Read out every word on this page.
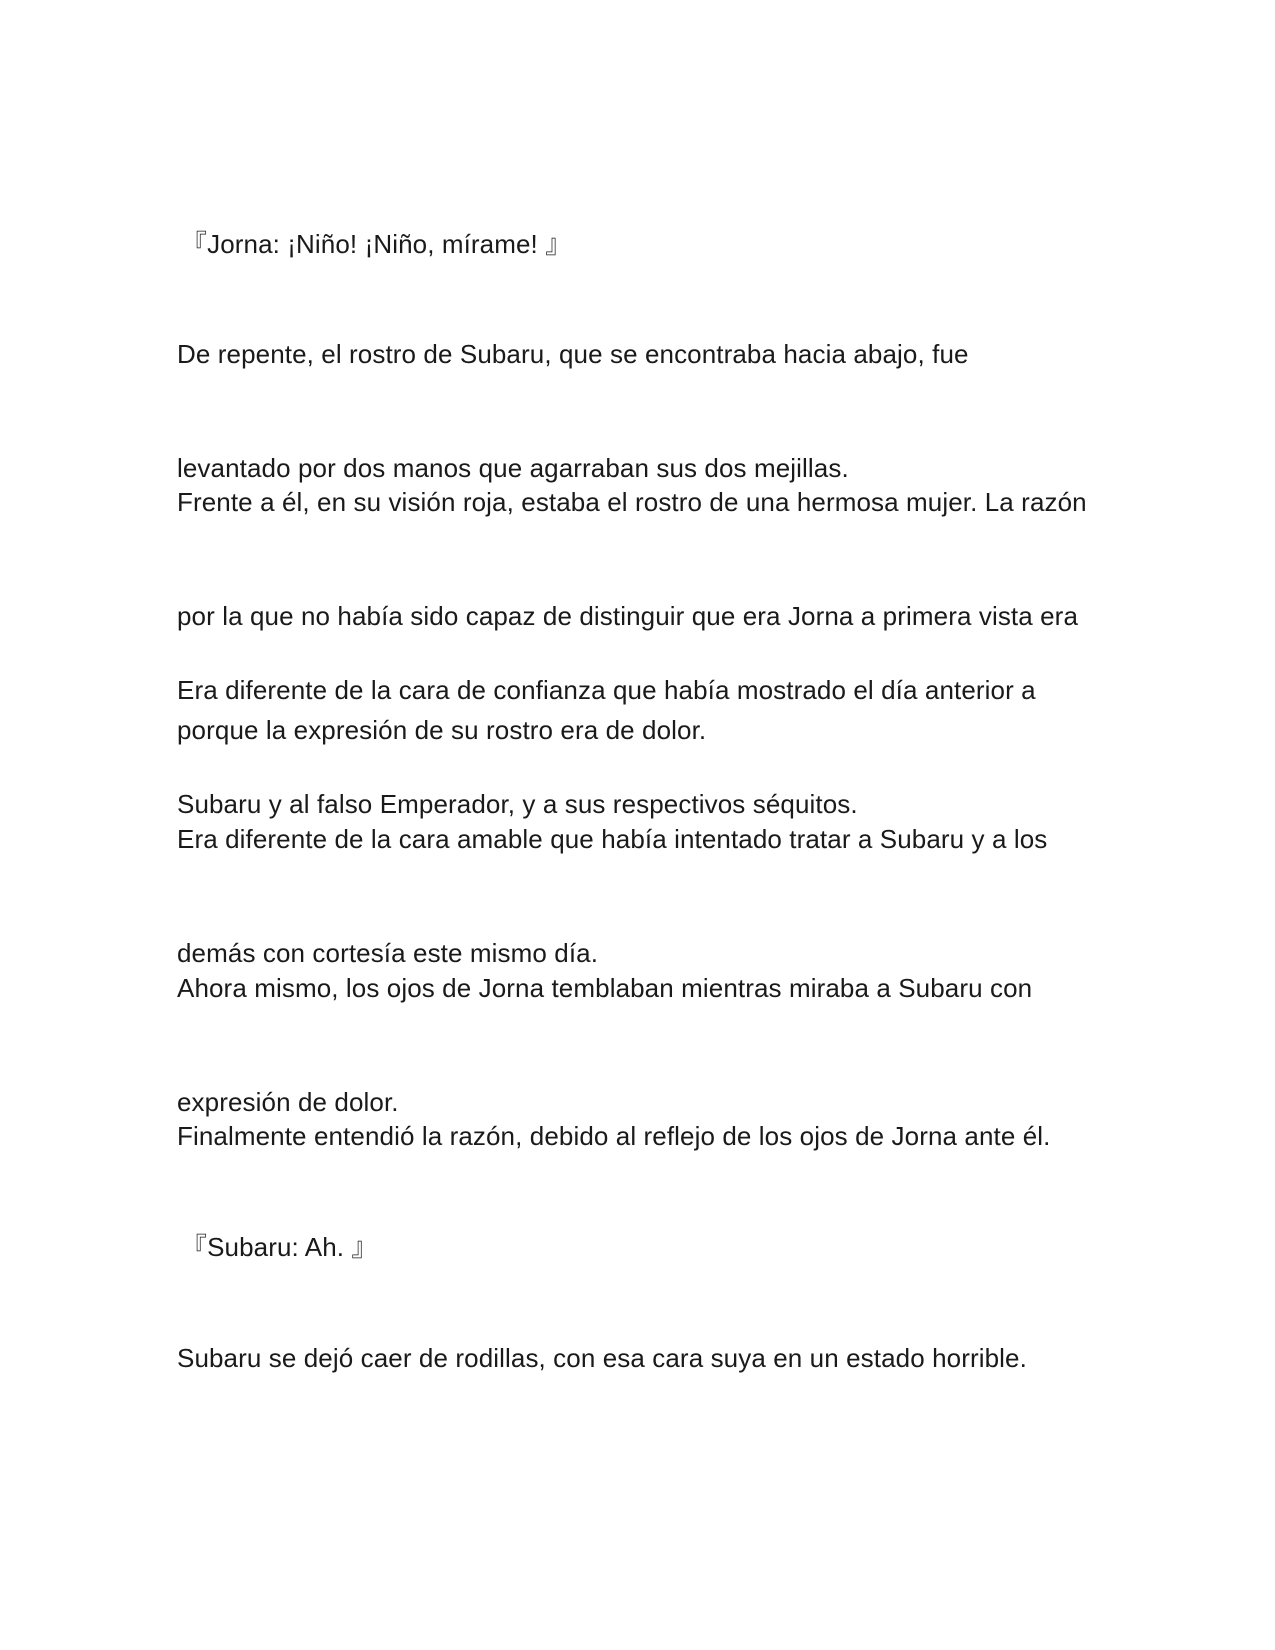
『Jorna: ¡Niño! ¡Niño, mírame! 』

De repente, el rostro de Subaru, que se encontraba hacia abajo, fue

levantado por dos manos que agarraban sus dos mejillas.

Frente a él, en su visión roja, estaba el rostro de una hermosa mujer. La razón

por la que no había sido capaz de distinguir que era Jorna a primera vista era

porque la expresión de su rostro era de dolor.

Era diferente de la cara de confianza que había mostrado el día anterior a

Subaru y al falso Emperador, y a sus respectivos séquitos.

Era diferente de la cara amable que había intentado tratar a Subaru y a los

demás con cortesía este mismo día.

Ahora mismo, los ojos de Jorna temblaban mientras miraba a Subaru con

expresión de dolor.

Finalmente entendió la razón, debido al reflejo de los ojos de Jorna ante él.

『Subaru: Ah. 』

Subaru se dejó caer de rodillas, con esa cara suya en un estado horrible.
